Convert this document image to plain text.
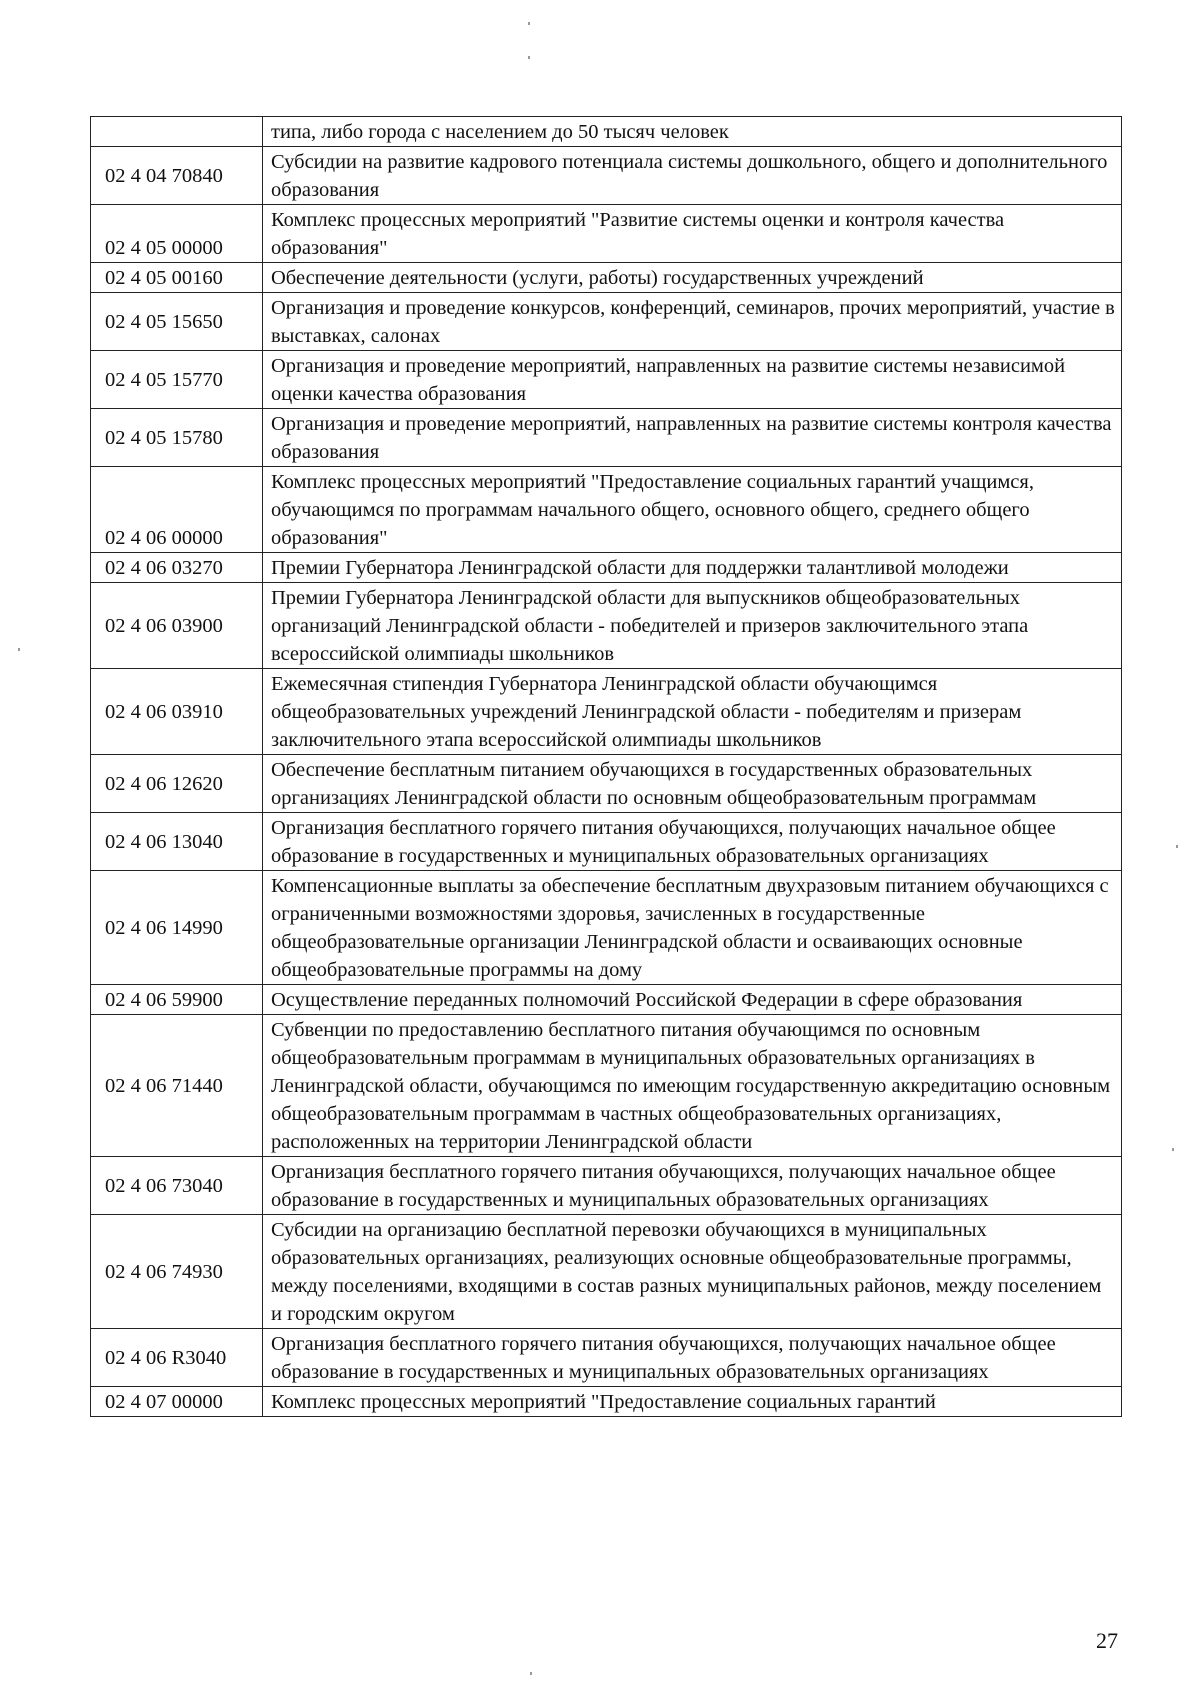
	типа, либо города с населением до 50 тысяч человек
02 4 04 70840	Субсидии на развитие кадрового потенциала системы дошкольного, общего и дополнительного образования
02 4 05 00000	Комплекс процессных мероприятий "Развитие системы оценки и контроля качества образования"
02 4 05 00160	Обеспечение деятельности (услуги, работы) государственных учреждений
02 4 05 15650	Организация и проведение конкурсов, конференций, семинаров, прочих мероприятий, участие в выставках, салонах
02 4 05 15770	Организация и проведение мероприятий, направленных на развитие системы независимой оценки качества образования
02 4 05 15780	Организация и проведение мероприятий, направленных на развитие системы контроля качества образования
02 4 06 00000	Комплекс процессных мероприятий "Предоставление социальных гарантий учащимся, обучающимся по программам начального общего, основного общего, среднего общего образования"
02 4 06 03270	Премии Губернатора Ленинградской области для поддержки талантливой молодежи
02 4 06 03900	Премии Губернатора Ленинградской области для выпускников общеобразовательных организаций Ленинградской области - победителей и призеров заключительного этапа всероссийской олимпиады школьников
02 4 06 03910	Ежемесячная стипендия Губернатора Ленинградской области обучающимся общеобразовательных учреждений Ленинградской области - победителям и призерам заключительного этапа всероссийской олимпиады школьников
02 4 06 12620	Обеспечение бесплатным питанием обучающихся в государственных образовательных организациях Ленинградской области по основным общеобразовательным программам
02 4 06 13040	Организация бесплатного горячего питания обучающихся, получающих начальное общее образование в государственных и муниципальных образовательных организациях
02 4 06 14990	Компенсационные выплаты за обеспечение бесплатным двухразовым питанием обучающихся с ограниченными возможностями здоровья, зачисленных в государственные общеобразовательные организации Ленинградской области и осваивающих основные общеобразовательные программы на дому
02 4 06 59900	Осуществление переданных полномочий Российской Федерации в сфере образования
02 4 06 71440	Субвенции по предоставлению бесплатного питания обучающимся по основным общеобразовательным программам в муниципальных образовательных организациях в Ленинградской области, обучающимся по имеющим государственную аккредитацию основным общеобразовательным программам в частных общеобразовательных организациях, расположенных на территории Ленинградской области
02 4 06 73040	Организация бесплатного горячего питания обучающихся, получающих начальное общее образование в государственных и муниципальных образовательных организациях
02 4 06 74930	Субсидии на организацию бесплатной перевозки обучающихся в муниципальных образовательных организациях, реализующих основные общеобразовательные программы, между поселениями, входящими в состав разных муниципальных районов, между поселением и городским округом
02 4 06 R3040	Организация бесплатного горячего питания обучающихся, получающих начальное общее образование в государственных и муниципальных образовательных организациях
02 4 07 00000	Комплекс процессных мероприятий "Предоставление социальных гарантий
27
